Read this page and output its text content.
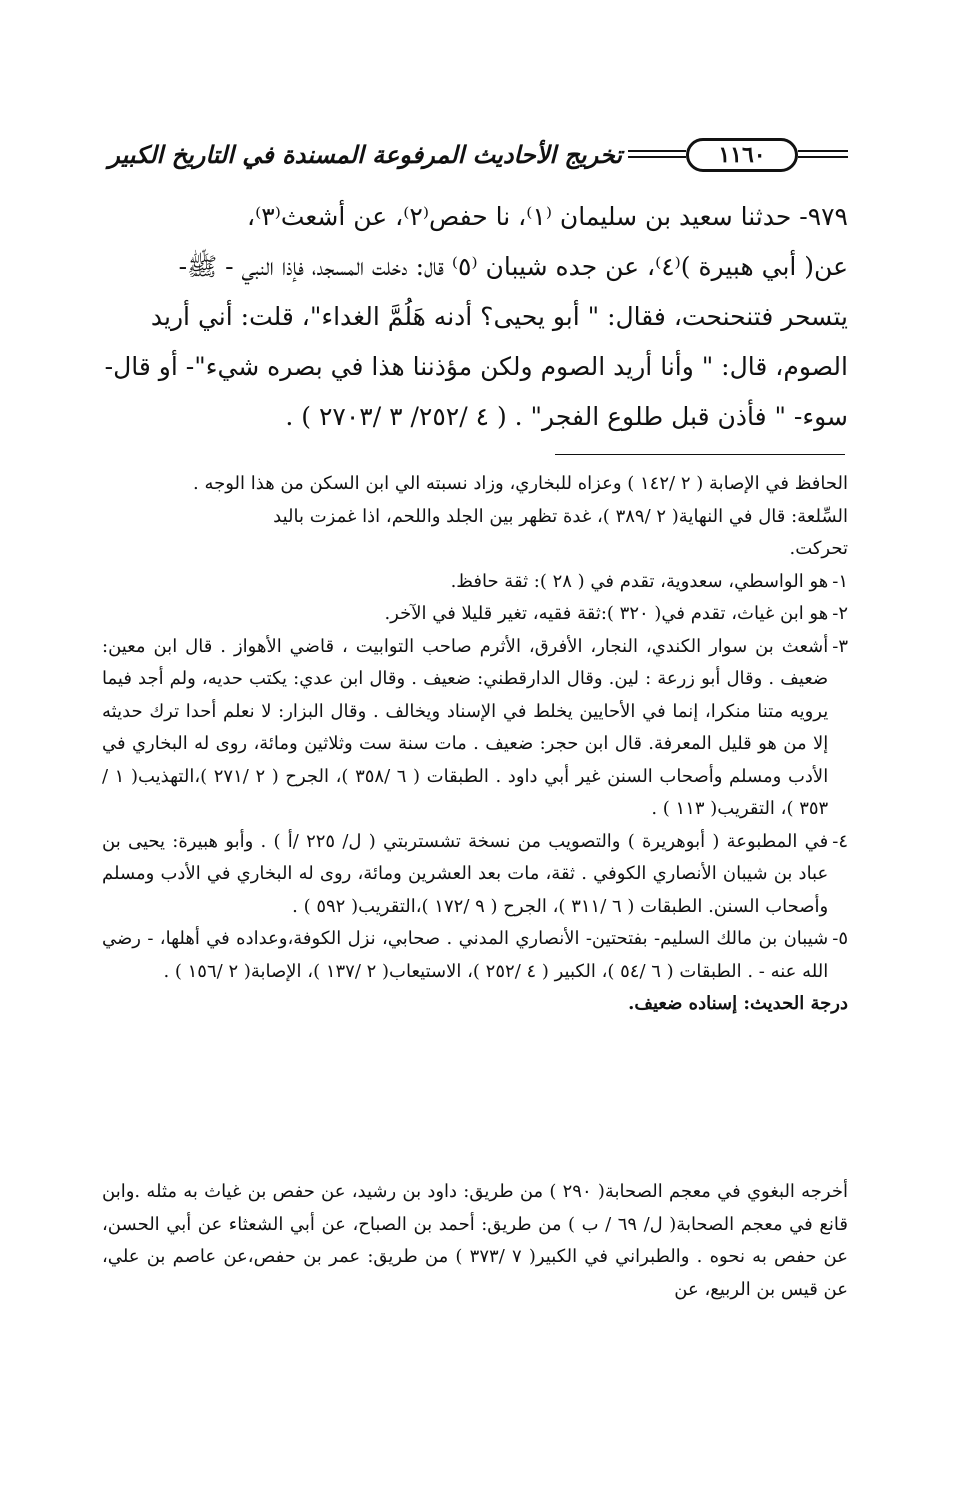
١١٦٠
تخريج الأحاديث المرفوعة المسندة في التاريخ الكبير

٩٧٩- حدثنا سعيد بن سليمان ⁽١⁾، نا حفص⁽٢⁾، عن أشعث⁽٣⁾،

عن( أبي هبيرة )⁽٤⁾، عن جده شيبان ⁽٥⁾ قال: دخلت المسجد، فإذا النبي - ﷺ-

يتسحر فتنحنحت، فقال: " أبو يحيى؟ أدنه هَلُمَّ الغداء"، قلت: أني أريد

الصوم، قال: " وأنا أريد الصوم ولكن مؤذننا هذا في بصره شيء"- أو قال-

سوء- " فأذن قبل طلوع الفجر" . ( ٤ /٢٥٢/ ٣ /٢٧٠٣ ) .

الحافظ في الإصابة ( ٢ /١٤٢ ) وعزاه للبخاري، وزاد نسبته الي ابن السكن من هذا الوجه .

السِّلعة: قال في النهاية( ٢ /٣٨٩ )، غدة تظهر بين الجلد واللحم، اذا غمزت باليد

تحركت.

١-
هو الواسطي، سعدوية، تقدم في ( ٢٨ ): ثقة حافظ.
٢-
هو ابن غياث، تقدم في( ٣٢٠ ):ثقة فقيه، تغير قليلا في الآخر.
٣-
أشعث بن سوار الكندي، النجار، الأفرق، الأثرم صاحب التوابيت ، قاضي الأهواز . قال ابن معين: ضعيف . وقال أبو زرعة : لين. وقال الدارقطني: ضعيف . وقال ابن عدي: يكتب حديه، ولم أجد فيما يرويه متنا منكرا، إنما في الأحايين يخلط في الإسناد ويخالف . وقال البزار: لا نعلم أحدا ترك حديثه إلا من هو قليل المعرفة. قال ابن حجر: ضعيف . مات سنة ست وثلاثين ومائة، روى له البخاري في الأدب ومسلم وأصحاب السنن غير أبي داود . الطبقات ( ٦ /٣٥٨ )، الجرح ( ٢ /٢٧١ )،التهذيب( ١ /٣٥٣ )، التقريب( ١١٣ ) .
٤-
في المطبوعة ( أبوهريرة ) والتصويب من نسخة تشستربتي ( ل/ ٢٢٥ /أ ) . وأبو هبيرة: يحيى بن عباد بن شيبان الأنصاري الكوفي . ثقة، مات بعد العشرين ومائة، روى له البخاري في الأدب ومسلم وأصحاب السنن. الطبقات ( ٦ /٣١١ )، الجرح ( ٩ /١٧٢ )،التقريب( ٥٩٢ ) .
٥-
شيبان بن مالك السليم- بفتحتين- الأنصاري المدني . صحابي، نزل الكوفة،وعداده في أهلها، - رضي الله عنه - . الطبقات ( ٦ /٥٤ )، الكبير ( ٤ /٢٥٢ )، الاستيعاب( ٢ /١٣٧ )، الإصابة( ٢ /١٥٦ ) .

درجة الحديث: إسناده ضعيف.

أخرجه البغوي في معجم الصحابة( ٢٩٠ ) من طريق: داود بن رشيد، عن حفص بن غياث به مثله .وابن قانع في معجم الصحابة( ل/ ٦٩ / ب ) من طريق: أحمد بن الصباح، عن أبي الشعثاء عن أبي الحسن، عن حفص به نحوه . والطبراني في الكبير( ٧ /٣٧٣ ) من طريق: عمر بن حفص،عن عاصم بن علي، عن قيس بن الربيع، عن
